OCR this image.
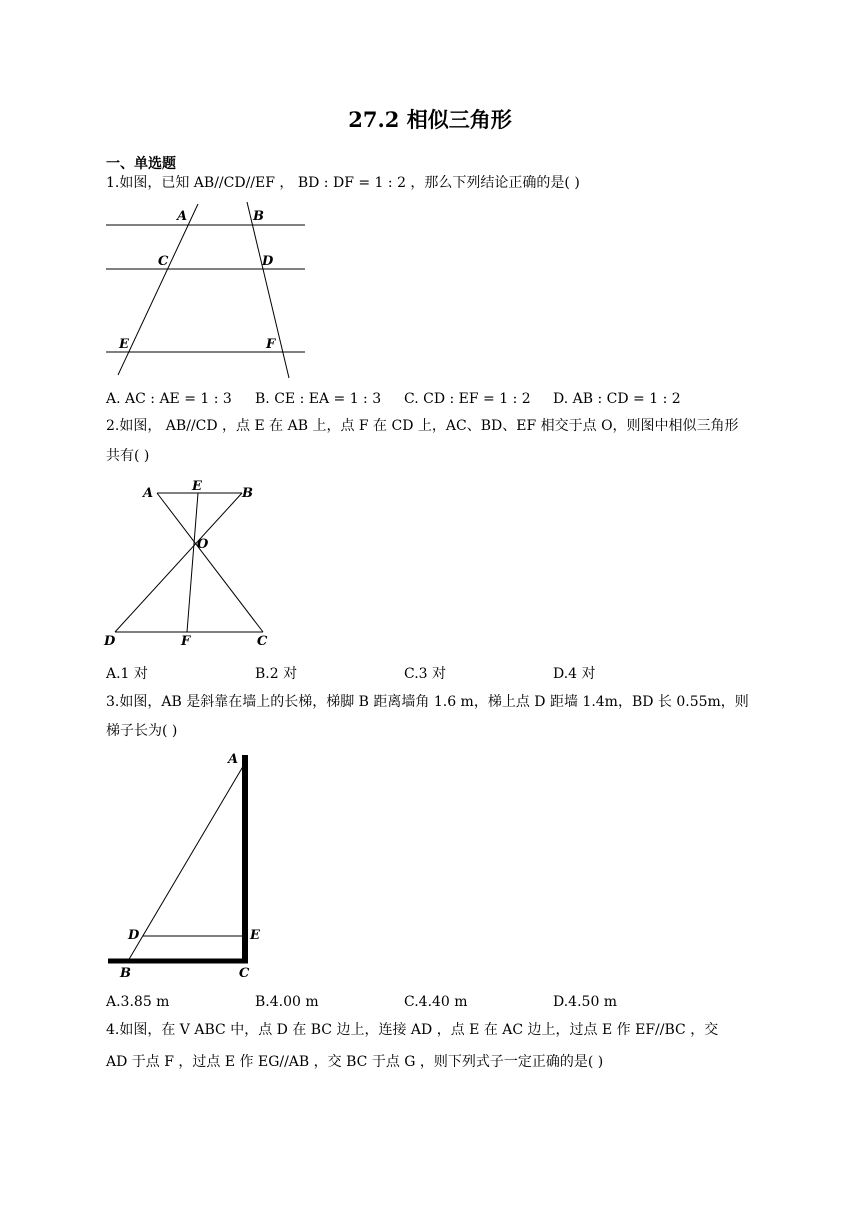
27.2 相似三角形
一、单选题
1.如图，已知 AB//CD//EF ， BD : DF = 1 : 2 ，那么下列结论正确的是( )
A	B
C	D
E	F
A. AC : AE = 1 : 3 B. CE : EA = 1 : 3 C. CD : EF = 1 : 2 D. AB : CD = 1 : 2
2.如图， AB//CD ，点 E 在 AB 上，点 F 在 CD 上，AC、BD、EF 相交于点 O，则图中相似三角形
共有( )
A	E	B
O
D	F	C
A.1 对	B.2 对	C.3 对	D.4 对
3.如图，AB 是斜靠在墙上的长梯，梯脚 B 距离墙角 1.6 m，梯上点 D 距墙 1.4m，BD 长 0.55m，则
梯子长为( )
A
D	E
B	C
A.3.85 m	B.4.00 m	C.4.40 m	D.4.50 m
4.如图，在 V ABC 中，点 D 在 BC 边上，连接 AD ，点 E 在 AC 边上，过点 E 作 EF//BC ，交
AD 于点 F ，过点 E 作 EG//AB ，交 BC 于点 G ，则下列式子一定正确的是( )
